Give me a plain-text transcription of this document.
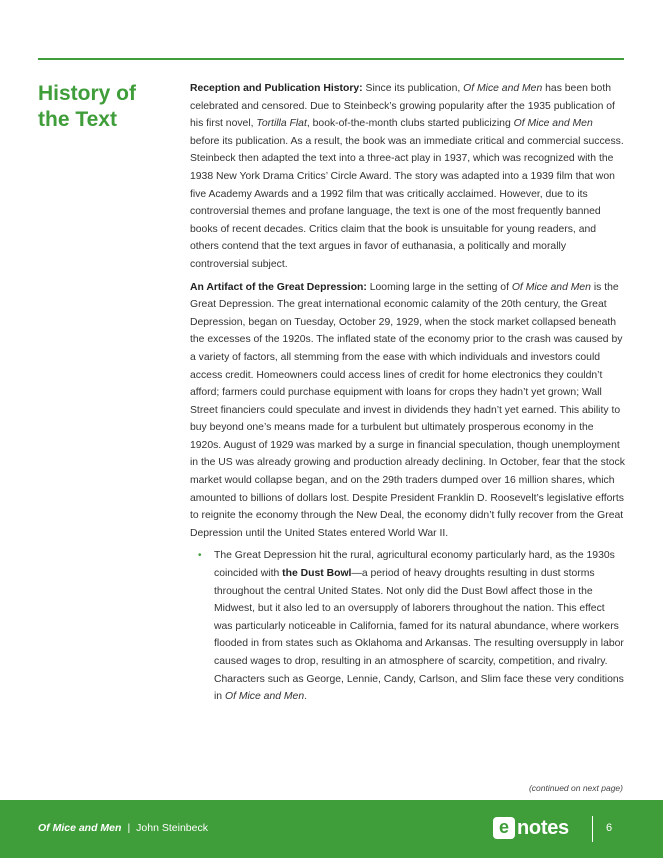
History of the Text

Reception and Publication History: Since its publication, Of Mice and Men has been both celebrated and censored. Due to Steinbeck’s growing popularity after the 1935 publication of his first novel, Tortilla Flat, book-of-the-month clubs started publicizing Of Mice and Men before its publication. As a result, the book was an immediate critical and commercial success. Steinbeck then adapted the text into a three-act play in 1937, which was recognized with the 1938 New York Drama Critics’ Circle Award. The story was adapted into a 1939 film that won five Academy Awards and a 1992 film that was critically acclaimed. However, due to its controversial themes and profane language, the text is one of the most frequently banned books of recent decades. Critics claim that the book is unsuitable for young readers, and others contend that the text argues in favor of euthanasia, a politically and morally controversial subject.

An Artifact of the Great Depression: Looming large in the setting of Of Mice and Men is the Great Depression. The great international economic calamity of the 20th century, the Great Depression, began on Tuesday, October 29, 1929, when the stock market collapsed beneath the excesses of the 1920s. The inflated state of the economy prior to the crash was caused by a variety of factors, all stemming from the ease with which individuals and investors could access credit. Homeowners could access lines of credit for home electronics they couldn’t afford; farmers could purchase equipment with loans for crops they hadn’t yet grown; Wall Street financiers could speculate and invest in dividends they hadn’t yet earned. This ability to buy beyond one’s means made for a turbulent but ultimately prosperous economy in the 1920s. August of 1929 was marked by a surge in financial speculation, though unemployment in the US was already growing and production already declining. In October, fear that the stock market would collapse began, and on the 29th traders dumped over 16 million shares, which amounted to billions of dollars lost. Despite President Franklin D. Roosevelt’s legislative efforts to reignite the economy through the New Deal, the economy didn’t fully recover from the Great Depression until the United States entered World War II.

• The Great Depression hit the rural, agricultural economy particularly hard, as the 1930s coincided with the Dust Bowl—a period of heavy droughts resulting in dust storms throughout the central United States. Not only did the Dust Bowl affect those in the Midwest, but it also led to an oversupply of laborers throughout the nation. This effect was particularly noticeable in California, famed for its natural abundance, where workers flooded in from states such as Oklahoma and Arkansas. The resulting oversupply in labor caused wages to drop, resulting in an atmosphere of scarcity, competition, and rivalry. Characters such as George, Lennie, Candy, Carlson, and Slim face these very conditions in Of Mice and Men.
(continued on next page)
Of Mice and Men | John Steinbeck	e notes	6
